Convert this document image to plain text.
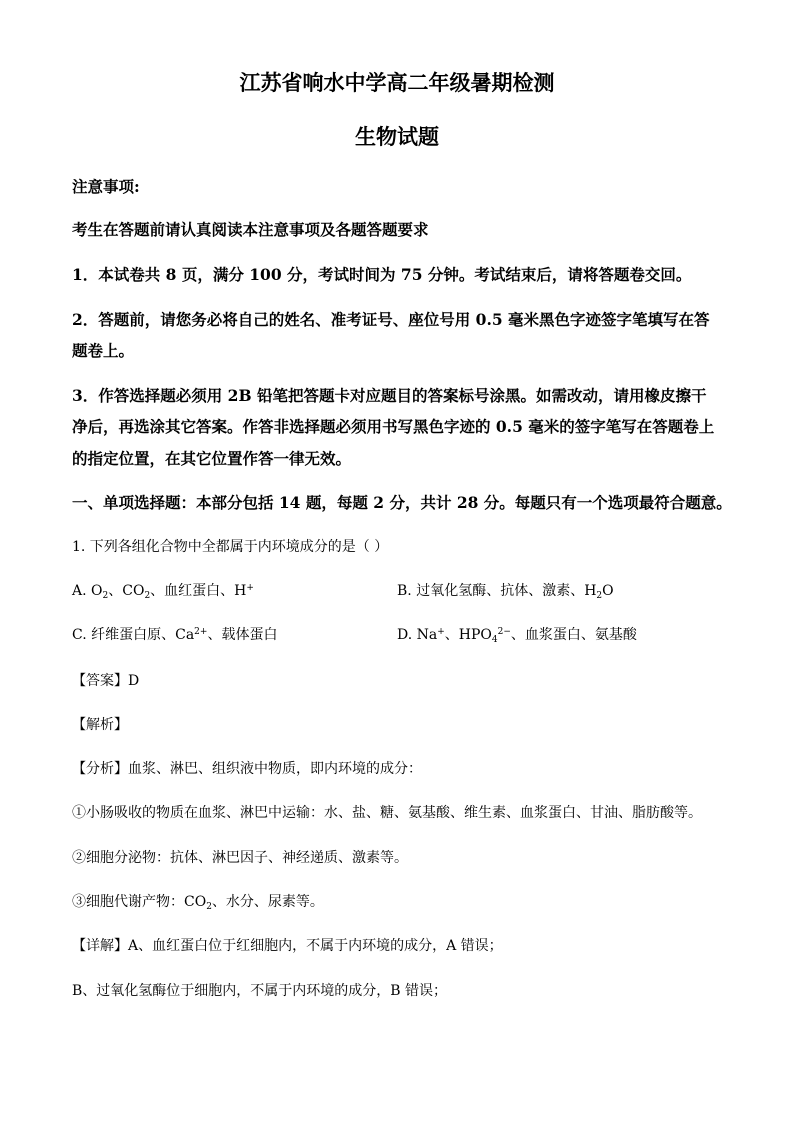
江苏省响水中学高二年级暑期检测
生物试题
注意事项:
考生在答题前请认真阅读本注意事项及各题答题要求
1．本试卷共 8 页，满分 100 分，考试时间为 75 分钟。考试结束后，请将答题卷交回。
2．答题前，请您务必将自己的姓名、准考证号、座位号用 0.5 毫米黑色字迹签字笔填写在答
题卷上。
3．作答选择题必须用 2B 铅笔把答题卡对应题目的答案标号涂黑。如需改动，请用橡皮擦干
净后，再选涂其它答案。作答非选择题必须用书写黑色字迹的 0.5 毫米的签字笔写在答题卷上
的指定位置，在其它位置作答一律无效。
一、单项选择题：本部分包括 14 题，每题 2 分，共计 28 分。每题只有一个选项最符合题意。
1. 下列各组化合物中全都属于内环境成分的是（ ）
A. $O_2$、$CO_2$、血红蛋白、H+	B. 过氧化氢酶、抗体、激素、$H_2O$
C. 纤维蛋白原、$Ca^{2+}$、载体蛋白	D. Na+、$HPO_4^{2-}$、血浆蛋白、氨基酸
【答案】D
【解析】
【分析】血浆、淋巴、组织液中物质，即内环境的成分：
①小肠吸收的物质在血浆、淋巴中运输：水、盐、糖、氨基酸、维生素、血浆蛋白、甘油、脂肪酸等。
②细胞分泌物：抗体、淋巴因子、神经递质、激素等。
③细胞代谢产物：$CO_2$、水分、尿素等。
【详解】A、血红蛋白位于红细胞内，不属于内环境的成分，A 错误；
B、过氧化氢酶位于细胞内，不属于内环境的成分，B 错误；
